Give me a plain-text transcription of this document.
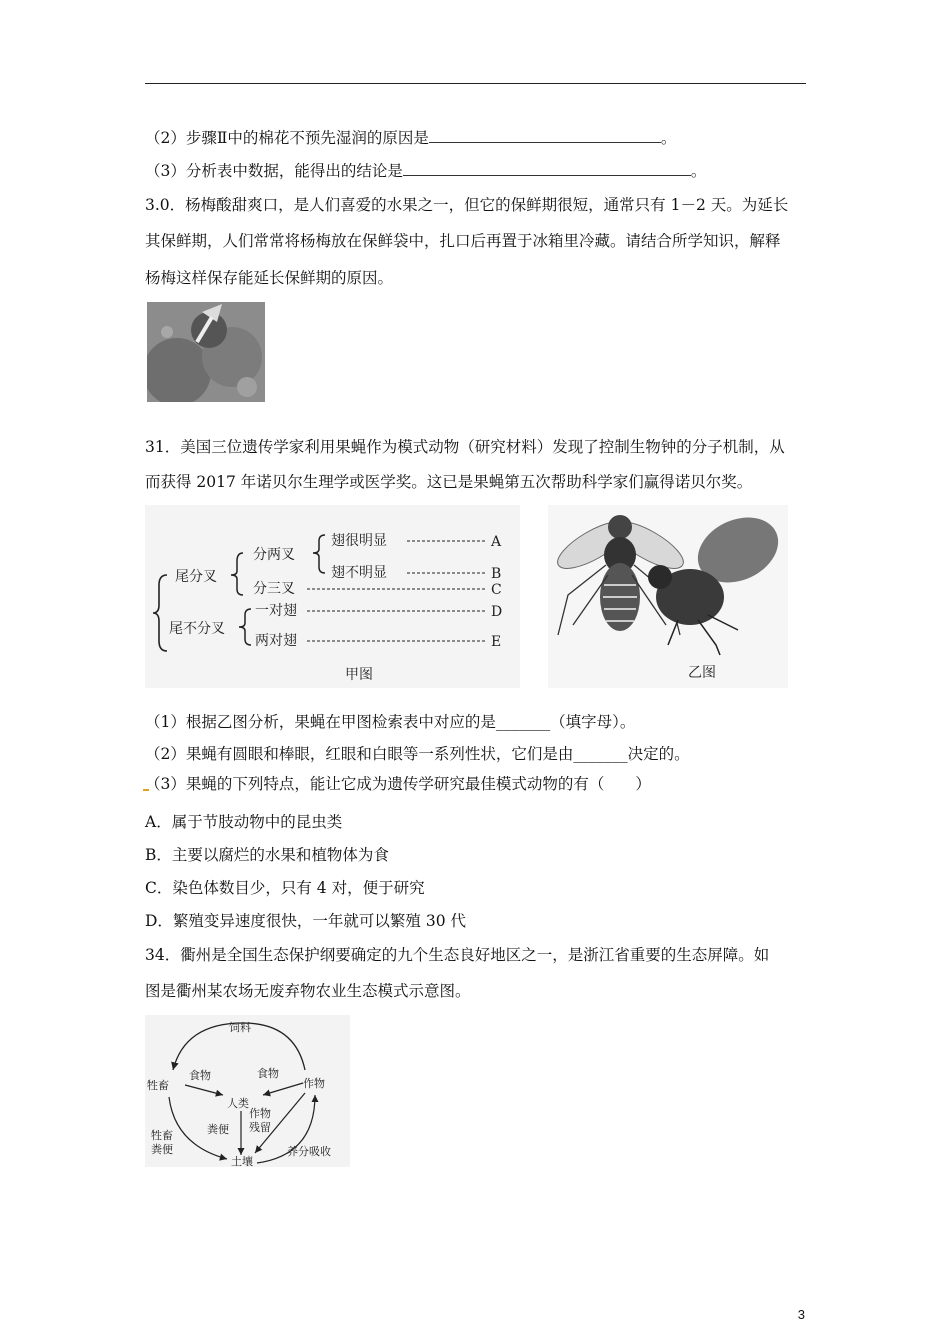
（2）步骤Ⅱ中的棉花不预先湿润的原因是	。
（3）分析表中数据，能得出的结论是	。
3.0．杨梅酸甜爽口，是人们喜爱的水果之一，但它的保鲜期很短，通常只有 1－2 天。为延长
其保鲜期，人们常常将杨梅放在保鲜袋中，扎口后再置于冰箱里冷藏。请结合所学知识，解释
杨梅这样保存能延长保鲜期的原因。
31．美国三位遗传学家利用果蝇作为模式动物（研究材料）发现了控制生物钟的分子机制，从
而获得 2017 年诺贝尔生理学或医学奖。这已是果蝇第五次帮助科学家们赢得诺贝尔奖。
尾分叉
尾不分叉
分两叉
分三叉
翅很明显
翅不明显
一对翅
两对翅
A
B
C
D
E
甲图	乙图
（1）根据乙图分析，果蝇在甲图检索表中对应的是_______（填字母）。
（2）果蝇有圆眼和棒眼，红眼和白眼等一系列性状，它们是由_______决定的。
（3）果蝇的下列特点，能让它成为遗传学研究最佳模式动物的有（　　）
A．属于节肢动物中的昆虫类
B．主要以腐烂的水果和植物体为食
C．染色体数目少，只有 4 对，便于研究
D．繁殖变异速度很快，一年就可以繁殖 30 代
34．衢州是全国生态保护纲要确定的九个生态良好地区之一，是浙江省重要的生态屏障。如
图是衢州某农场无废弃物农业生态模式示意图。
饲料
牲畜
食物	食物
作物
人类
粪便
作物
残留
牲畜
粪便
土壤
养分吸收
3
